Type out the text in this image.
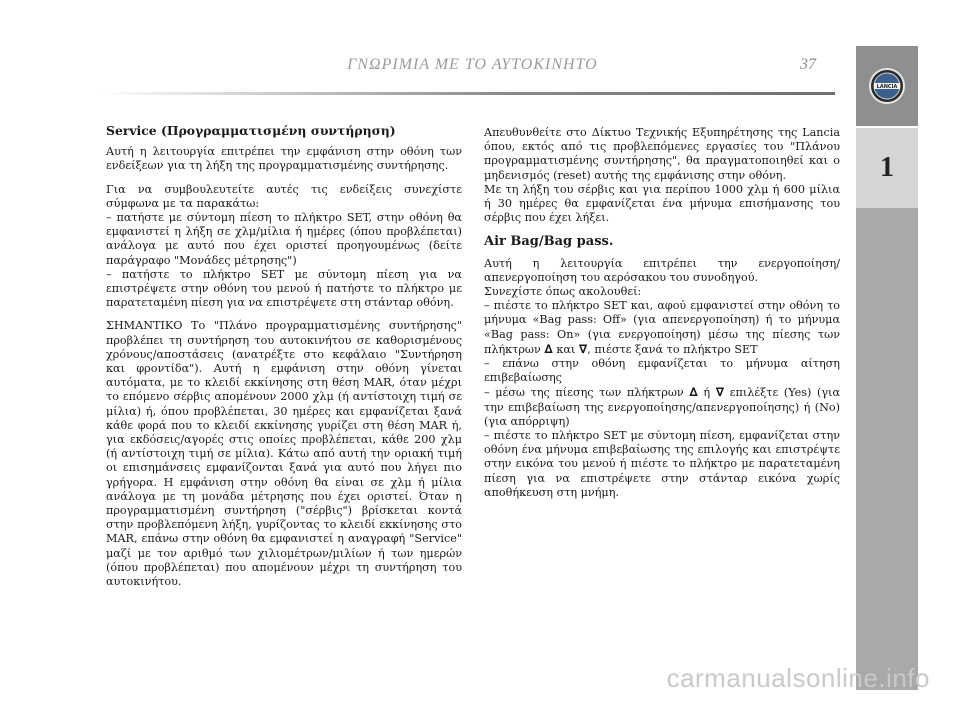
ΓΝΩΡΙΜΙΑ ΜΕ ΤΟ ΑΥΤΟΚΙΝΗΤΟ	37
LANCIA
1
Service (Προγραμματισμένη συντήρηση)

Αυτή η λειτουργία επιτρέπει την εμφάνιση στην οθόνη των ενδείξεων για τη λήξη της προγραμματισμένης συντήρησης.

Για να συμβουλευτείτε αυτές τις ενδείξεις συνεχίστε σύμφωνα με τα παρακάτω:

– πατήστε με σύντομη πίεση το πλήκτρο SET, στην οθόνη θα εμφανιστεί η λήξη σε χλμ/μίλια ή ημέρες (όπου προβλέπεται) ανάλογα με αυτό που έχει οριστεί προηγουμένως (δείτε παράγραφο "Μονάδες μέτρησης")

– πατήστε το πλήκτρο SET με σύντομη πίεση για να επιστρέψετε στην οθόνη του μενού ή πατήστε το πλήκτρο με παρατεταμένη πίεση για να επιστρέψετε στη στάνταρ οθόνη.

ΣΗΜΑΝΤΙΚΟ Το "Πλάνο προγραμματισμένης συντήρησης" προβλέπει τη συντήρηση του αυτοκινήτου σε καθορισμένους χρόνους/αποστάσεις (ανατρέξτε στο κεφάλαιο "Συντήρηση και φροντίδα"). Αυτή η εμφάνιση στην οθόνη γίνεται αυτόματα, με το κλειδί εκκίνησης στη θέση MAR, όταν μέχρι το επόμενο σέρβις απομένουν 2000 χλμ (ή αντίστοιχη τιμή σε μίλια) ή, όπου προβλέπεται, 30 ημέρες και εμφανίζεται ξανά κάθε φορά που το κλειδί εκκίνησης γυρίζει στη θέση MAR ή, για εκδόσεις/αγορές στις οποίες προβλέπεται, κάθε 200 χλμ (ή αντίστοιχη τιμή σε μίλια). Κάτω από αυτή την οριακή τιμή οι επισημάνσεις εμφανίζονται ξανά για αυτό που λήγει πιο γρήγορα. Η εμφάνιση στην οθόνη θα είναι σε χλμ ή μίλια ανάλογα με τη μονάδα μέτρησης που έχει οριστεί. Όταν η προγραμματισμένη συντήρηση ("σέρβις") βρίσκεται κοντά στην προβλεπόμενη λήξη, γυρίζοντας το κλειδί εκκίνησης στο MAR, επάνω στην οθόνη θα εμφανιστεί η αναγραφή "Service" μαζί με τον αριθμό των χιλιομέτρων/μιλίων ή των ημερών (όπου προβλέπεται) που απομένουν μέχρι τη συντήρηση του αυτοκινήτου.

Απευθυνθείτε στο Δίκτυο Τεχνικής Εξυπηρέτησης της Lancia όπου, εκτός από τις προβλεπόμενες εργασίες του "Πλάνου προγραμματισμένης συντήρησης", θα πραγματοποιηθεί και ο μηδενισμός (reset) αυτής της εμφάνισης στην οθόνη.

Με τη λήξη του σέρβις και για περίπου 1000 χλμ ή 600 μίλια ή 30 ημέρες θα εμφανίζεται ένα μήνυμα επισήμανσης του σέρβις που έχει λήξει.

Air Bag/Bag pass.

Αυτή η λειτουργία επιτρέπει την ενεργοποίηση/απενεργοποίηση του αερόσακου του συνοδηγού.

Συνεχίστε όπως ακολουθεί:

– πιέστε το πλήκτρο SET και, αφού εμφανιστεί στην οθόνη το μήνυμα «Bag pass: Off» (για απενεργοποίηση) ή το μήνυμα «Bag pass: On» (για ενεργοποίηση) μέσω της πίεσης των πλήκτρων ∆ και ∇, πιέστε ξανά το πλήκτρο SET

– επάνω στην οθόνη εμφανίζεται το μήνυμα αίτηση επιβεβαίωσης

– μέσω της πίεσης των πλήκτρων ∆ ή ∇ επιλέξτε (Yes) (για την επιβεβαίωση της ενεργοποίησης/απενεργοποίησης) ή (No) (για απόρριψη)

– πιέστε το πλήκτρο SET με σύντομη πίεση, εμφανίζεται στην οθόνη ένα μήνυμα επιβεβαίωσης της επιλογής και επιστρέψτε στην εικόνα του μενού ή πιέστε το πλήκτρο με παρατεταμένη πίεση για να επιστρέψετε στην στάνταρ εικόνα χωρίς αποθήκευση στη μνήμη.

carmanualsonline.info
